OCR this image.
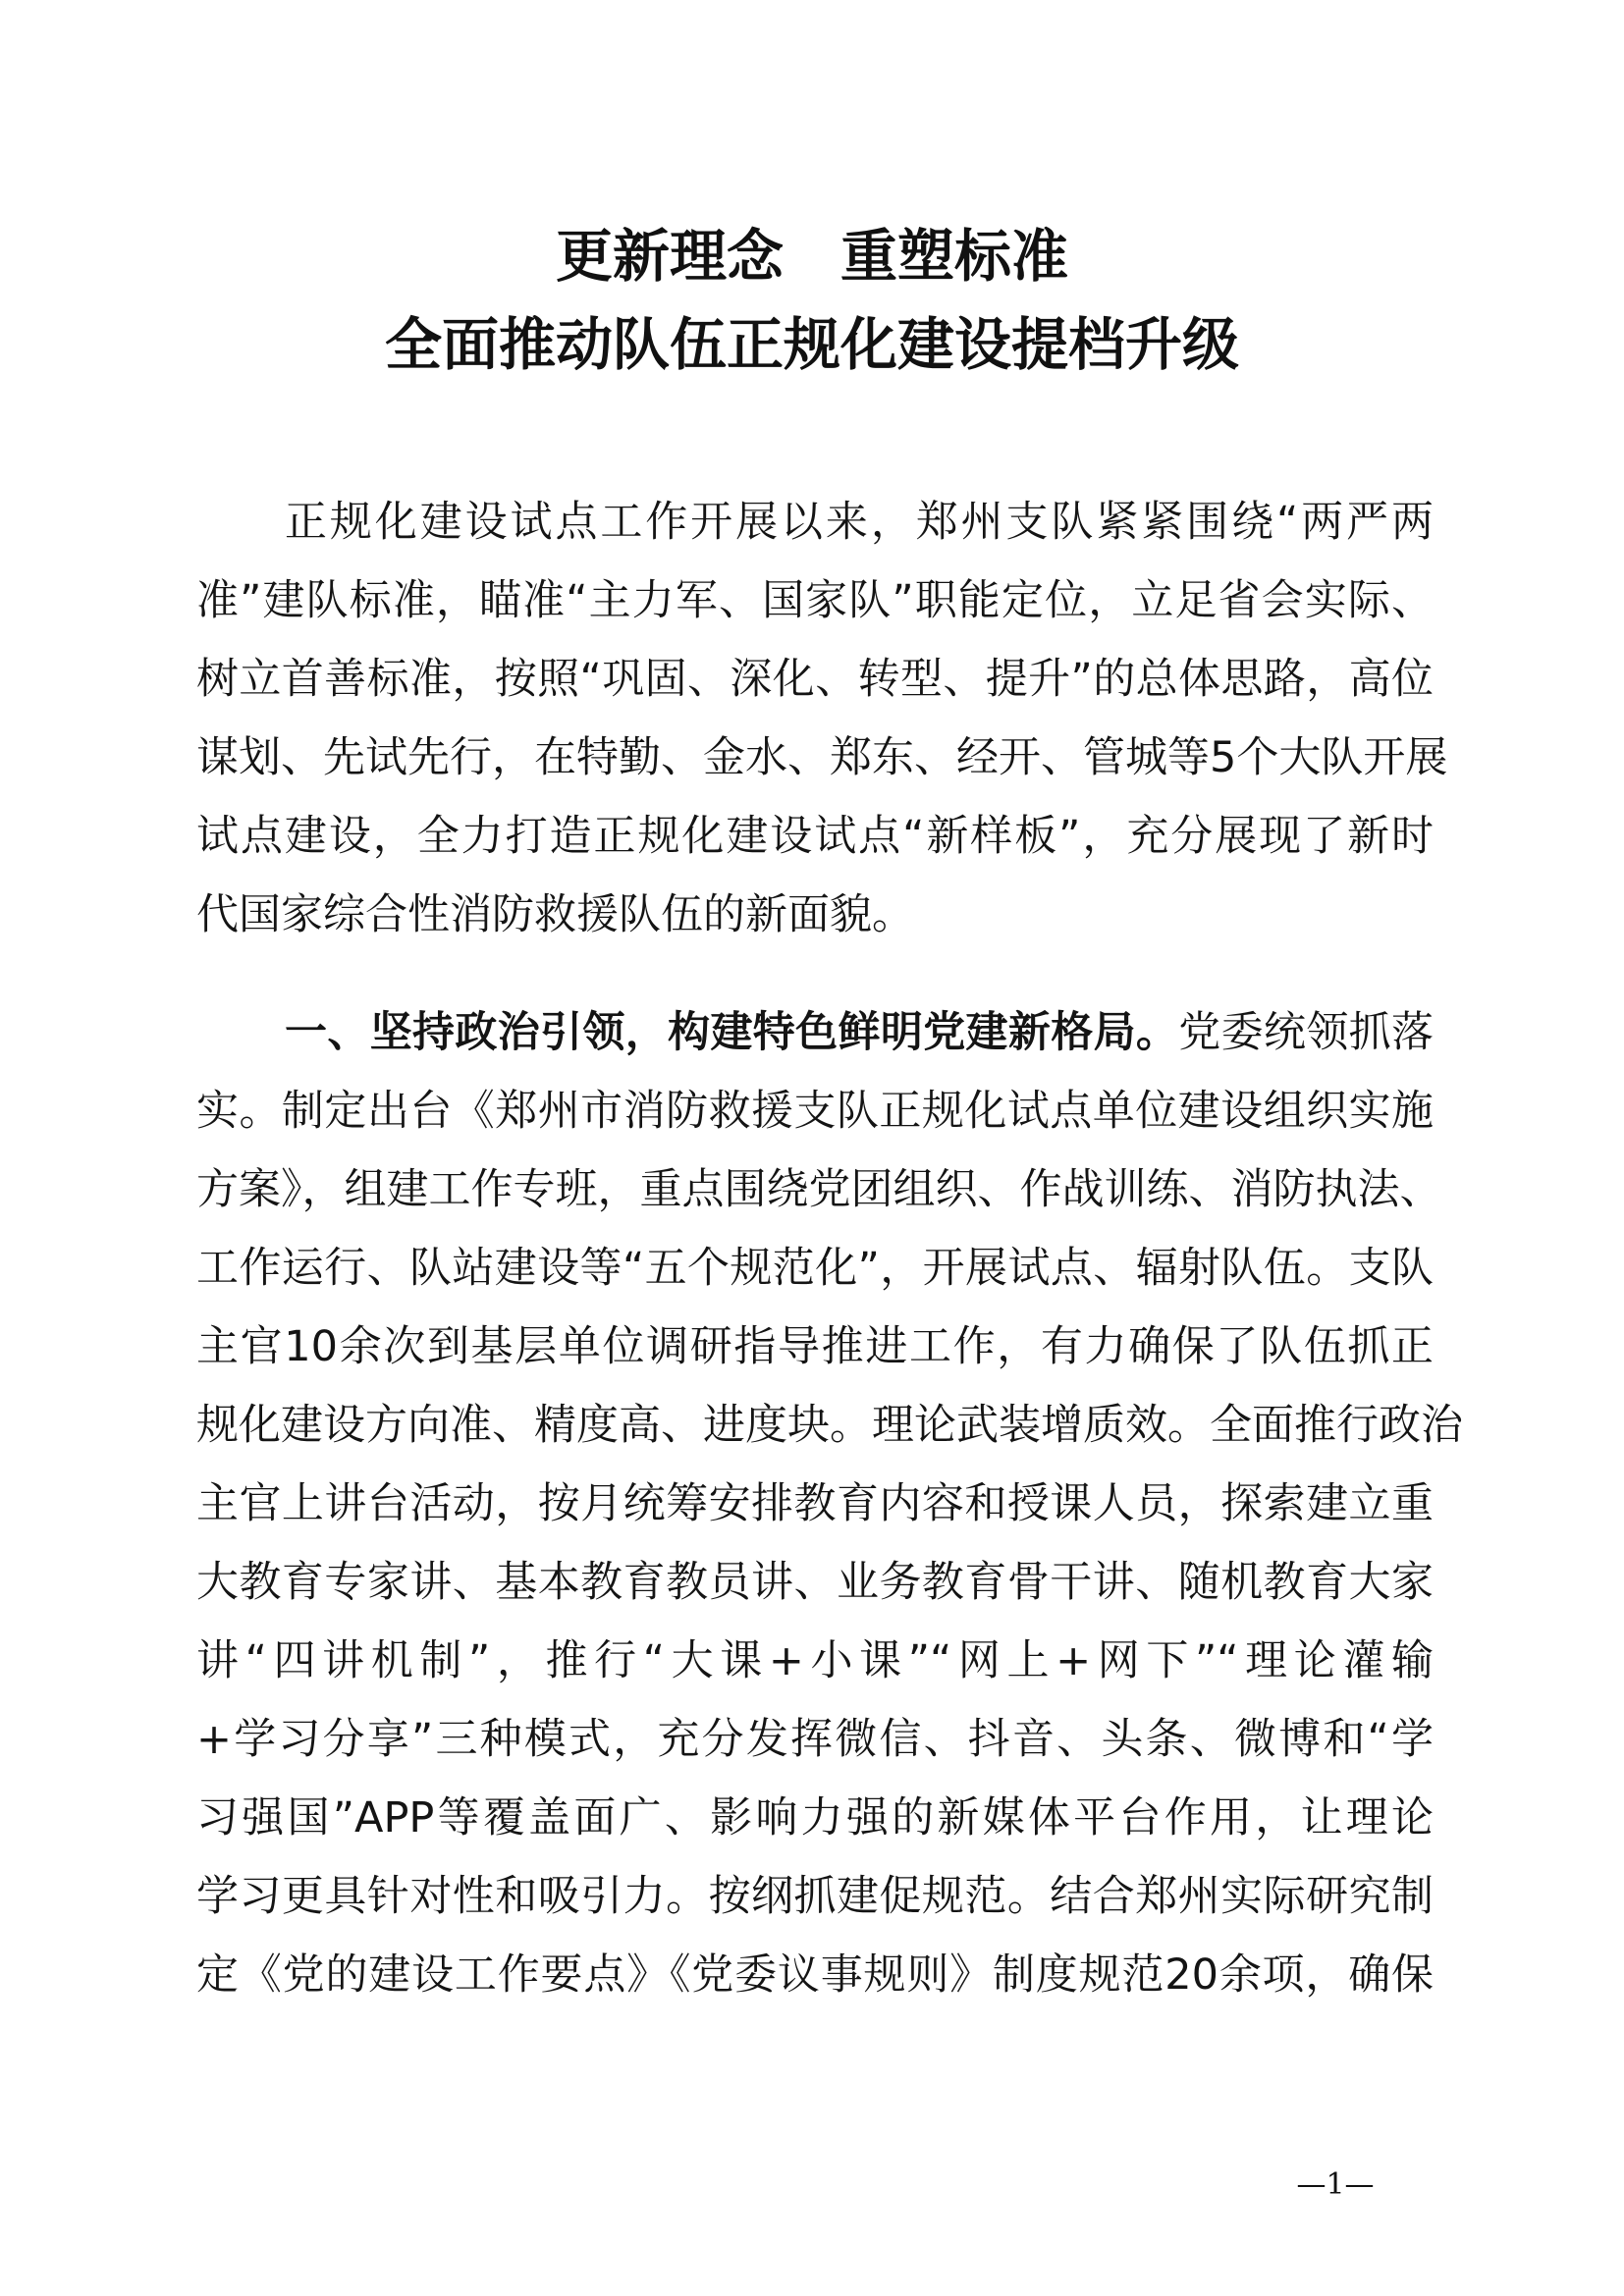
更新理念　重塑标准
全面推动队伍正规化建设提档升级
正规化建设试点工作开展以来，郑州支队紧紧围绕“两严两
准”建队标准，瞄准“主力军、国家队”职能定位，立足省会实际、
树立首善标准，按照“巩固、深化、转型、提升”的总体思路，高位
谋划、先试先行，在特勤、金水、郑东、经开、管城等5个大队开展
试点建设，全力打造正规化建设试点“新样板”，充分展现了新时
代国家综合性消防救援队伍的新面貌。
一、坚持政治引领，构建特色鲜明党建新格局。党委统领抓落
实。制定出台《郑州市消防救援支队正规化试点单位建设组织实施
方案》，组建工作专班，重点围绕党团组织、作战训练、消防执法、
工作运行、队站建设等“五个规范化”，开展试点、辐射队伍。支队
主官10余次到基层单位调研指导推进工作，有力确保了队伍抓正
规化建设方向准、精度高、进度块。理论武装增质效。全面推行政治
主官上讲台活动，按月统筹安排教育内容和授课人员，探索建立重
大教育专家讲、基本教育教员讲、业务教育骨干讲、随机教育大家
讲“四讲机制”，推行“大课+小课”“网上+网下”“理论灌输
+学习分享”三种模式，充分发挥微信、抖音、头条、微博和“学
习强国”APP等覆盖面广、影响力强的新媒体平台作用，让理论
学习更具针对性和吸引力。按纲抓建促规范。结合郑州实际研究制
定《党的建设工作要点》《党委议事规则》制度规范20余项，确保
—1—
